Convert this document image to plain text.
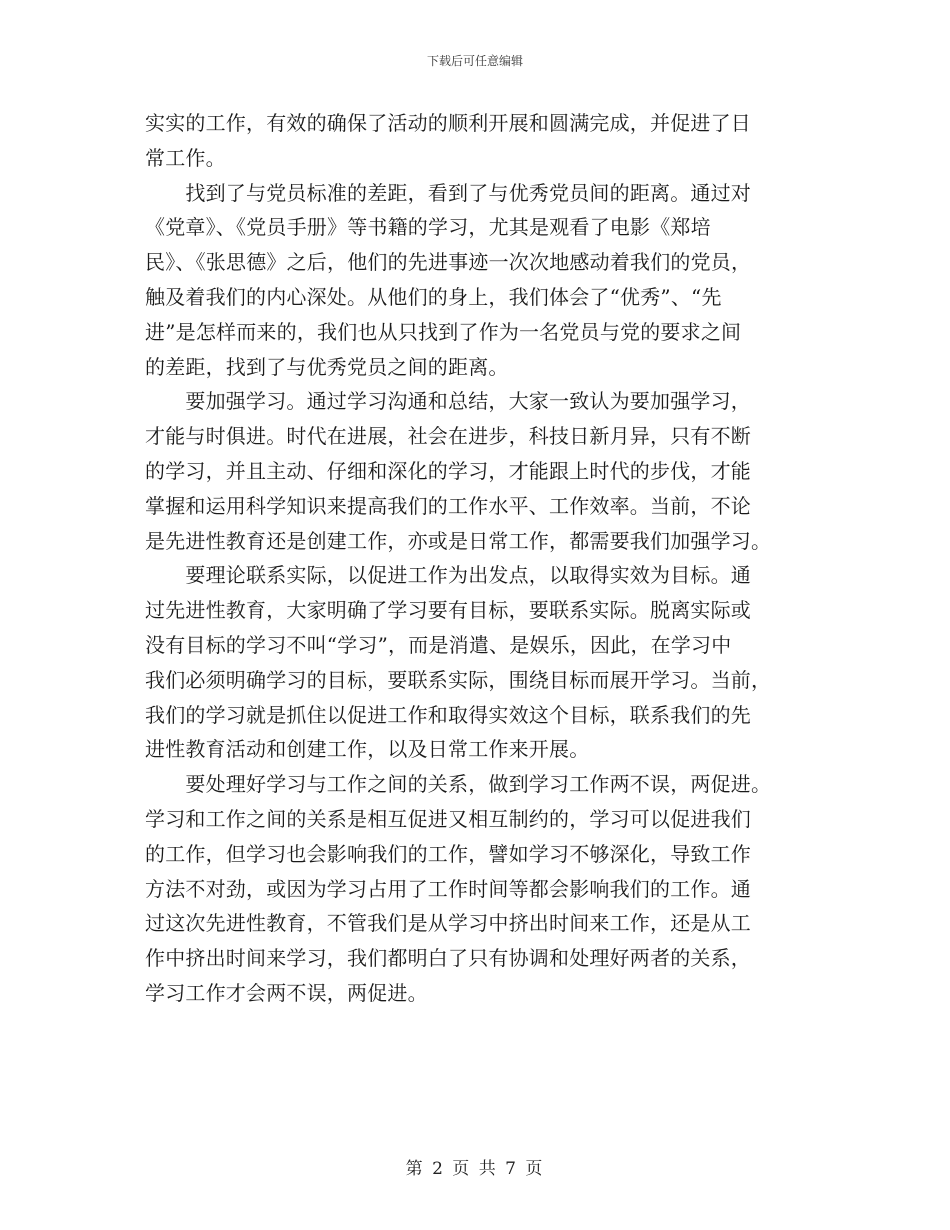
下载后可任意编辑
实实的工作，有效的确保了活动的顺利开展和圆满完成，并促进了日
常工作。
　　找到了与党员标准的差距，看到了与优秀党员间的距离。通过对
《党章》、《党员手册》等书籍的学习，尤其是观看了电影《郑培
民》、《张思德》之后，他们的先进事迹一次次地感动着我们的党员，
触及着我们的内心深处。从他们的身上，我们体会了“优秀”、“先
进”是怎样而来的，我们也从只找到了作为一名党员与党的要求之间
的差距，找到了与优秀党员之间的距离。
　　要加强学习。通过学习沟通和总结，大家一致认为要加强学习，
才能与时俱进。时代在进展，社会在进步，科技日新月异，只有不断
的学习，并且主动、仔细和深化的学习，才能跟上时代的步伐，才能
掌握和运用科学知识来提高我们的工作水平、工作效率。当前，不论
是先进性教育还是创建工作，亦或是日常工作，都需要我们加强学习。
　　要理论联系实际，以促进工作为出发点，以取得实效为目标。通
过先进性教育，大家明确了学习要有目标，要联系实际。脱离实际或
没有目标的学习不叫“学习”，而是消遣、是娱乐，因此，在学习中
我们必须明确学习的目标，要联系实际，围绕目标而展开学习。当前，
我们的学习就是抓住以促进工作和取得实效这个目标，联系我们的先
进性教育活动和创建工作，以及日常工作来开展。
　　要处理好学习与工作之间的关系，做到学习工作两不误，两促进。
学习和工作之间的关系是相互促进又相互制约的，学习可以促进我们
的工作，但学习也会影响我们的工作，譬如学习不够深化，导致工作
方法不对劲，或因为学习占用了工作时间等都会影响我们的工作。通
过这次先进性教育，不管我们是从学习中挤出时间来工作，还是从工
作中挤出时间来学习，我们都明白了只有协调和处理好两者的关系，
学习工作才会两不误，两促进。
第 2 页 共 7 页
